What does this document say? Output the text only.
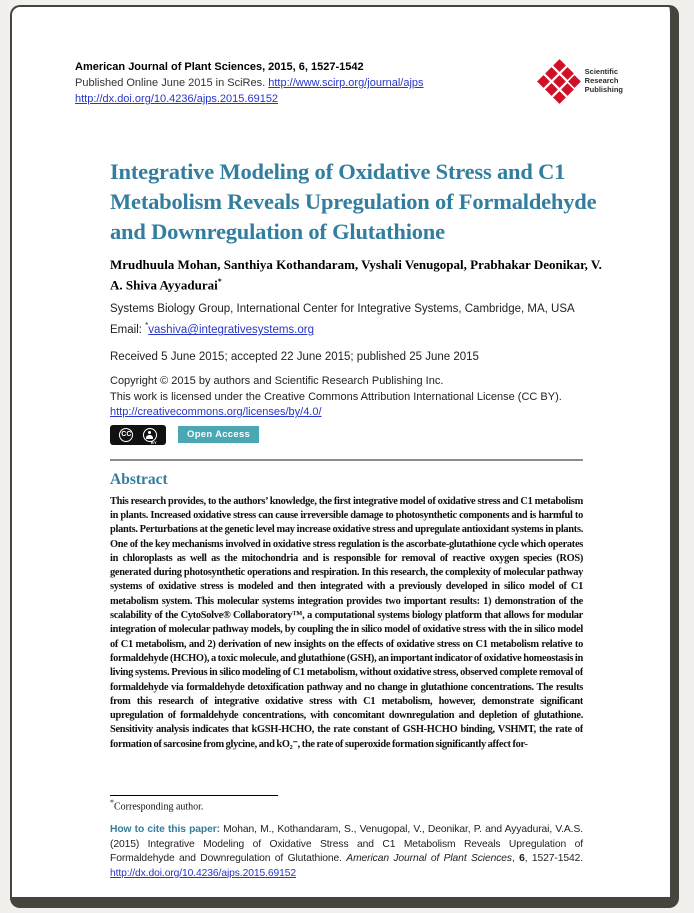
American Journal of Plant Sciences, 2015, 6, 1527-1542
Published Online June 2015 in SciRes. http://www.scirp.org/journal/ajps
http://dx.doi.org/10.4236/ajps.2015.69152
Scientific
Research
Publishing
Integrative Modeling of Oxidative Stress and C1 Metabolism Reveals Upregulation of Formaldehyde and Downregulation of Glutathione

Mrudhuula Mohan, Santhiya Kothandaram, Vyshali Venugopal, Prabhakar Deonikar, V. A. Shiva Ayyadurai*

Systems Biology Group, International Center for Integrative Systems, Cambridge, MA, USA

Email: *vashiva@integrativesystems.org

Received 5 June 2015; accepted 22 June 2015; published 25 June 2015

Copyright © 2015 by authors and Scientific Research Publishing Inc.
This work is licensed under the Creative Commons Attribution International License (CC BY).
http://creativecommons.org/licenses/by/4.0/
CC
BY
Open Access
Abstract

This research provides, to the authors’ knowledge, the first integrative model of oxidative stress and C1 metabolism in plants. Increased oxidative stress can cause irreversible damage to photosynthetic components and is harmful to plants. Perturbations at the genetic level may increase oxidative stress and upregulate antioxidant systems in plants. One of the key mechanisms involved in oxidative stress regulation is the ascorbate-glutathione cycle which operates in chloroplasts as well as the mitochondria and is responsible for removal of reactive oxygen species (ROS) generated during photosynthetic operations and respiration. In this research, the complexity of molecular pathway systems of oxidative stress is modeled and then integrated with a previously developed in silico model of C1 metabolism system. This molecular systems integration provides two important results: 1) demonstration of the scalability of the CytoSolve® Collaboratory™, a computational systems biology platform that allows for modular integration of molecular pathway models, by coupling the in silico model of oxidative stress with the in silico model of C1 metabolism, and 2) derivation of new insights on the effects of oxidative stress on C1 metabolism relative to formaldehyde (HCHO), a toxic molecule, and glutathione (GSH), an important indicator of oxidative homeostasis in living systems. Previous in silico modeling of C1 metabolism, without oxidative stress, observed complete removal of formaldehyde via formaldehyde detoxification pathway and no change in glutathione concentrations. The results from this research of integrative oxidative stress with C1 metabolism, however, demonstrate significant upregulation of formaldehyde concentrations, with concomitant downregulation and depletion of glutathione. Sensitivity analysis indicates that kGSH-HCHO, the rate constant of GSH-HCHO binding, VSHMT, the rate of formation of sarcosine from glycine, and kO₂⁻, the rate of superoxide formation significantly affect for-

*Corresponding author.

How to cite this paper: Mohan, M., Kothandaram, S., Venugopal, V., Deonikar, P. and Ayyadurai, V.A.S. (2015) Integrative Modeling of Oxidative Stress and C1 Metabolism Reveals Upregulation of Formaldehyde and Downregulation of Glutathione. American Journal of Plant Sciences, 6, 1527-1542. http://dx.doi.org/10.4236/ajps.2015.69152
